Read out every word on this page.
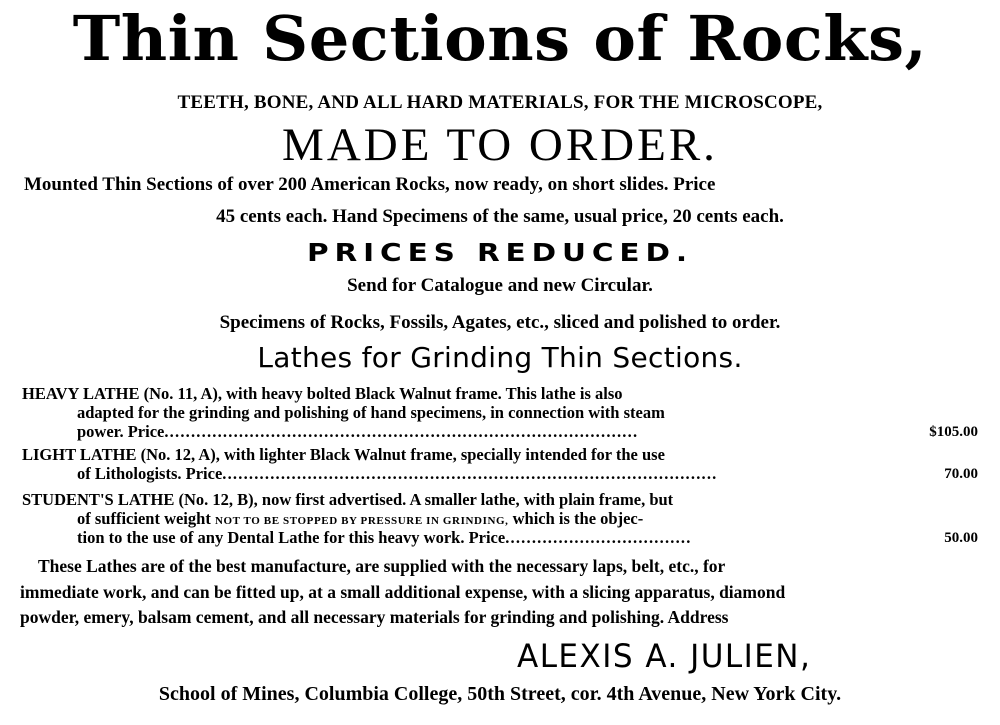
Thin Sections of Rocks,
TEETH, BONE, AND ALL HARD MATERIALS, FOR THE MICROSCOPE,
MADE TO ORDER.
Mounted Thin Sections of over 200 American Rocks, now ready, on short slides. Price
45 cents each. Hand Specimens of the same, usual price, 20 cents each.
PRICES REDUCED.
Send for Catalogue and new Circular.
Specimens of Rocks, Fossils, Agates, etc., sliced and polished to order.
Lathes for Grinding Thin Sections.
HEAVY LATHE (No. 11, A), with heavy bolted Black Walnut frame. This lathe is also
adapted for the grinding and polishing of hand specimens, in connection with steam
power. Price.........................................................................................	$105.00
LIGHT LATHE (No. 12, A), with lighter Black Walnut frame, specially intended for the use
of Lithologists. Price.............................................................................................	70.00
STUDENT'S LATHE (No. 12, B), now first advertised. A smaller lathe, with plain frame, but
of sufficient weight NOT TO BE STOPPED BY PRESSURE IN GRINDING, which is the objec-
tion to the use of any Dental Lathe for this heavy work. Price...................................	50.00
These Lathes are of the best manufacture, are supplied with the necessary laps, belt, etc., for
immediate work, and can be fitted up, at a small additional expense, with a slicing apparatus, diamond
powder, emery, balsam cement, and all necessary materials for grinding and polishing. Address
ALEXIS A. JULIEN,
School of Mines, Columbia College, 50th Street, cor. 4th Avenue, New York City.
